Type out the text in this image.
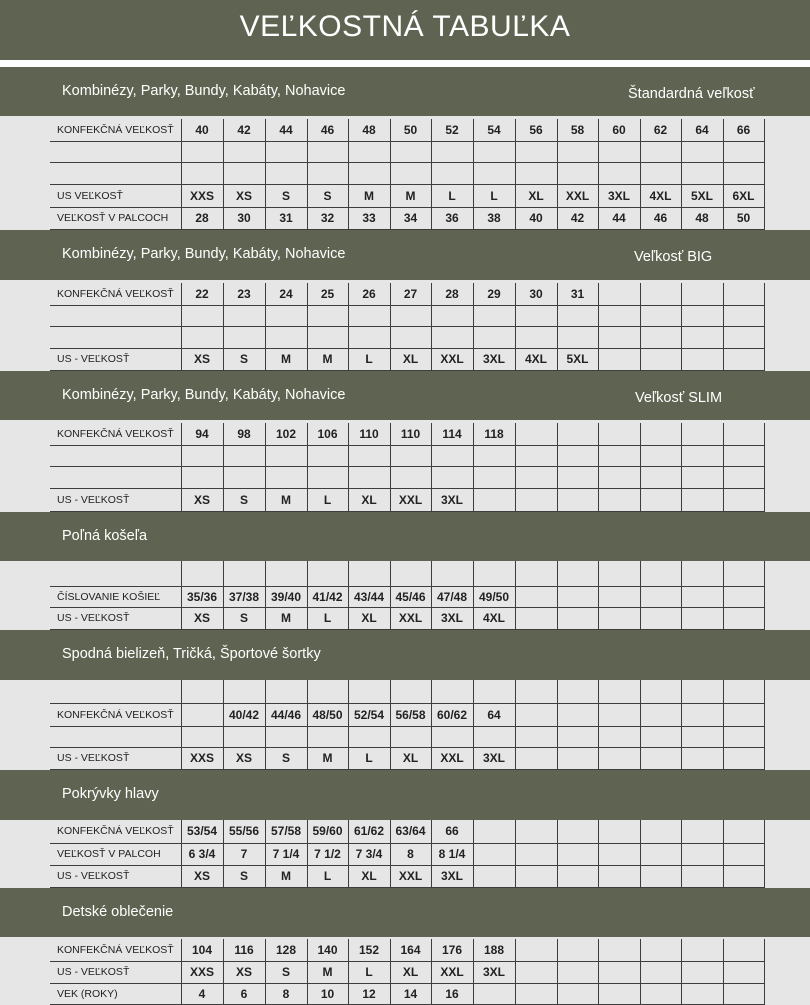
VEĽKOSTNÁ TABUĽKA
Kombinézy, Parky, Bundy, Kabáty, Nohavice	Štandardná veľkosť
KONFEKČNÁ VEĽKOSŤ	40	42	44	46	48	50	52	54	56	58	60	62	64	66
US VEĽKOSŤ	XXS	XS	S	S	M	M	L	L	XL	XXL	3XL	4XL	5XL	6XL
VEĽKOSŤ V PALCOCH	28	30	31	32	33	34	36	38	40	42	44	46	48	50
Kombinézy, Parky, Bundy, Kabáty, Nohavice	Veľkosť BIG
KONFEKČNÁ VEĽKOSŤ	22	23	24	25	26	27	28	29	30	31
US - VEĽKOSŤ	XS	S	M	M	L	XL	XXL	3XL	4XL	5XL
Kombinézy, Parky, Bundy, Kabáty, Nohavice	Veľkosť SLIM
KONFEKČNÁ VEĽKOSŤ	94	98	102	106	110	110	114	118
US - VEĽKOSŤ	XS	S	M	L	XL	XXL	3XL
Poľná košeľa
ČÍSLOVANIE KOŠIEĽ	35/36 37/38 39/40 41/42 43/44 45/46 47/48 49/50
US - VEĽKOSŤ	XS	S	M	L	XL	XXL	3XL	4XL
Spodná bielizeň, Tričká, Športové šortky
KONFEKČNÁ VEĽKOSŤ	40/42 44/46 48/50 52/54 56/58 60/62	64
US - VEĽKOSŤ	XXS	XS	S	M	L	XL	XXL	3XL
Pokrývky hlavy
KONFEKČNÁ VEĽKOSŤ	53/54 55/56 57/58 59/60 61/62 63/64	66
VEĽKOSŤ V PALCOH	6 3/4	7	7 1/4	7 1/2	7 3/4	8	8 1/4
US - VEĽKOSŤ	XS	S	M	L	XL	XXL	3XL
Detské oblečenie
KONFEKČNÁ VEĽKOSŤ	104	116	128	140	152	164	176	188
US - VEĽKOSŤ	XXS	XS	S	M	L	XL	XXL	3XL
VEK (ROKY)	4	6	8	10	12	14	16
